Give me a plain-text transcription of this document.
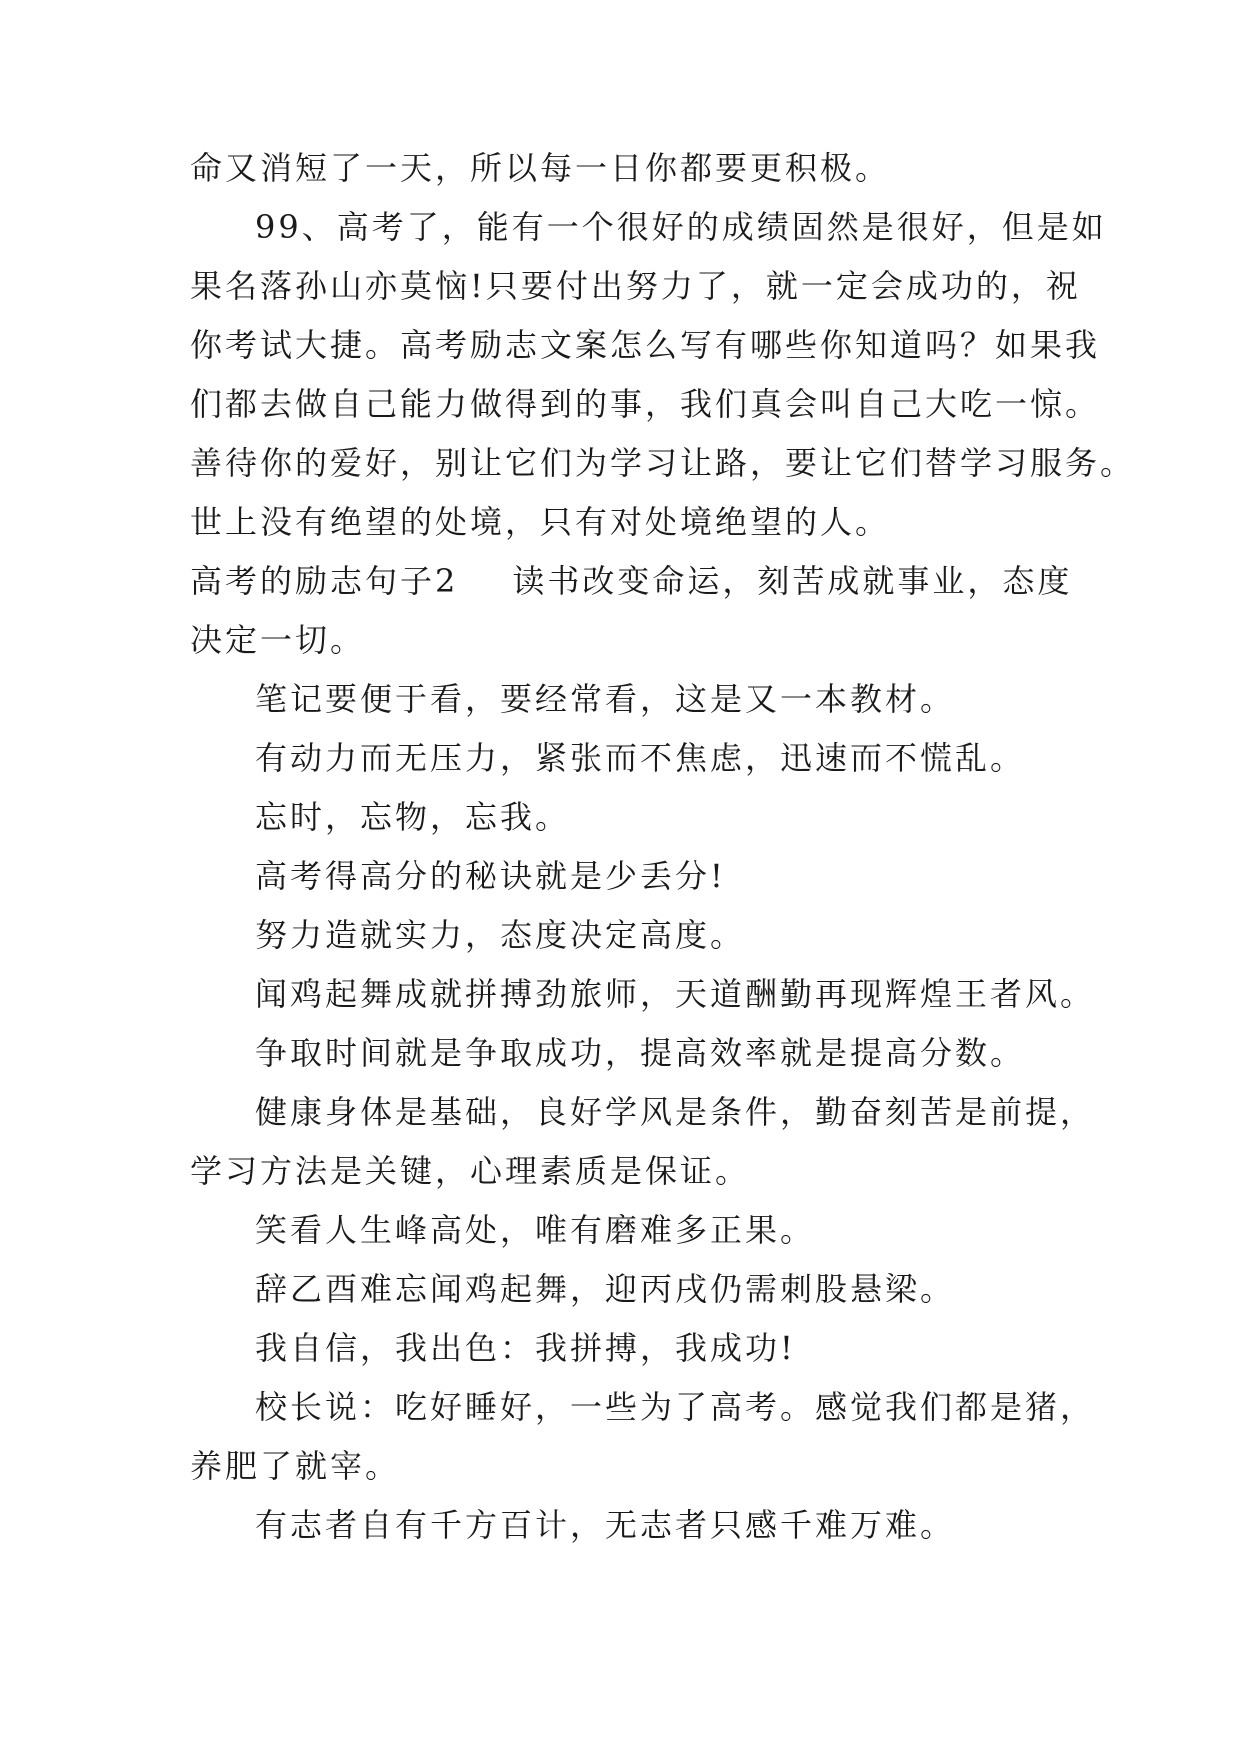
命又消短了一天，所以每一日你都要更积极。
99、高考了，能有一个很好的成绩固然是很好，但是如
果名落孙山亦莫恼!只要付出努力了，就一定会成功的，祝
你考试大捷。高考励志文案怎么写有哪些你知道吗？如果我
们都去做自己能力做得到的事，我们真会叫自己大吃一惊。
善待你的爱好，别让它们为学习让路，要让它们替学习服务。
世上没有绝望的处境，只有对处境绝望的人。
高考的励志句子2 读书改变命运，刻苦成就事业，态度
决定一切。
笔记要便于看，要经常看，这是又一本教材。
有动力而无压力，紧张而不焦虑，迅速而不慌乱。
忘时，忘物，忘我。
高考得高分的秘诀就是少丢分!
努力造就实力，态度决定高度。
闻鸡起舞成就拼搏劲旅师，天道酬勤再现辉煌王者风。
争取时间就是争取成功，提高效率就是提高分数。
健康身体是基础，良好学风是条件，勤奋刻苦是前提，
学习方法是关键，心理素质是保证。
笑看人生峰高处，唯有磨难多正果。
辞乙酉难忘闻鸡起舞，迎丙戌仍需刺股悬梁。
我自信，我出色：我拼搏，我成功!
校长说：吃好睡好，一些为了高考。感觉我们都是猪，
养肥了就宰。
有志者自有千方百计，无志者只感千难万难。
